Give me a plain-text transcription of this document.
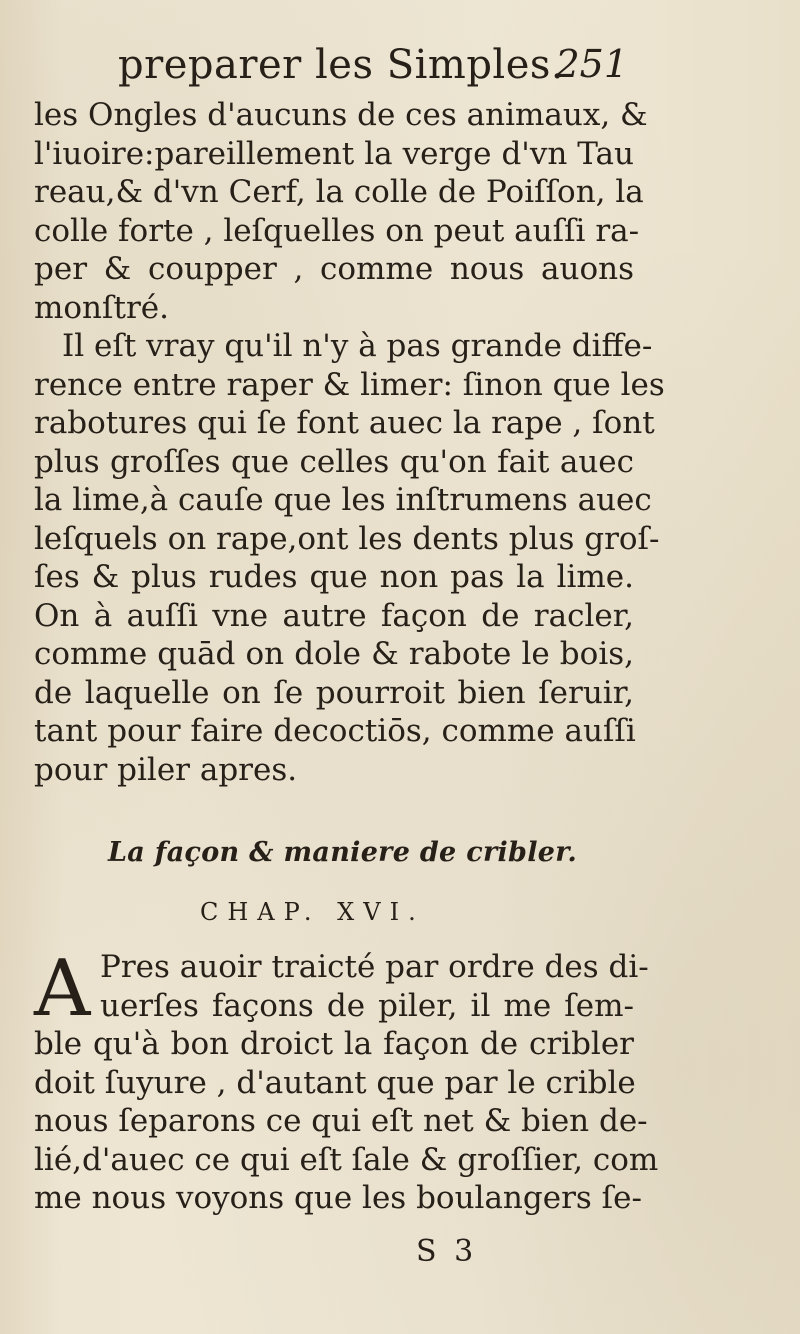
preparer les Simples.
251
les Ongles d'aucuns de ces animaux, &
l'iuoire:pareillement la verge d'vn Tau
reau,& d'vn Cerf, la colle de Poiſſon, la
colle forte , leſquelles on peut auſſi ra-
per & coupper , comme nous auons
monſtré.
Il eſt vray qu'il n'y à pas grande diffe-
rence entre raper & limer: ſinon que les
rabotures qui ſe font auec la rape , ſont
plus groſſes que celles qu'on fait auec
la lime,à cauſe que les inſtrumens auec
leſquels on rape,ont les dents plus groſ-
ſes & plus rudes que non pas la lime.
On à auſſi vne autre façon de racler,
comme quād on dole & rabote le bois,
de laquelle on ſe pourroit bien ſeruir,
tant pour faire decoctiōs, comme auſſi
pour piler apres.
La façon & maniere de cribler.
CHAP. XVI.
A Pres auoir traicté par ordre des di-
uerſes façons de piler, il me ſem-
ble qu'à bon droict la façon de cribler
doit ſuyure , d'autant que par le crible
nous ſeparons ce qui eſt net & bien de-
lié,d'auec ce qui eſt ſale & groſſier, com
me nous voyons que les boulangers ſe-
S 3
